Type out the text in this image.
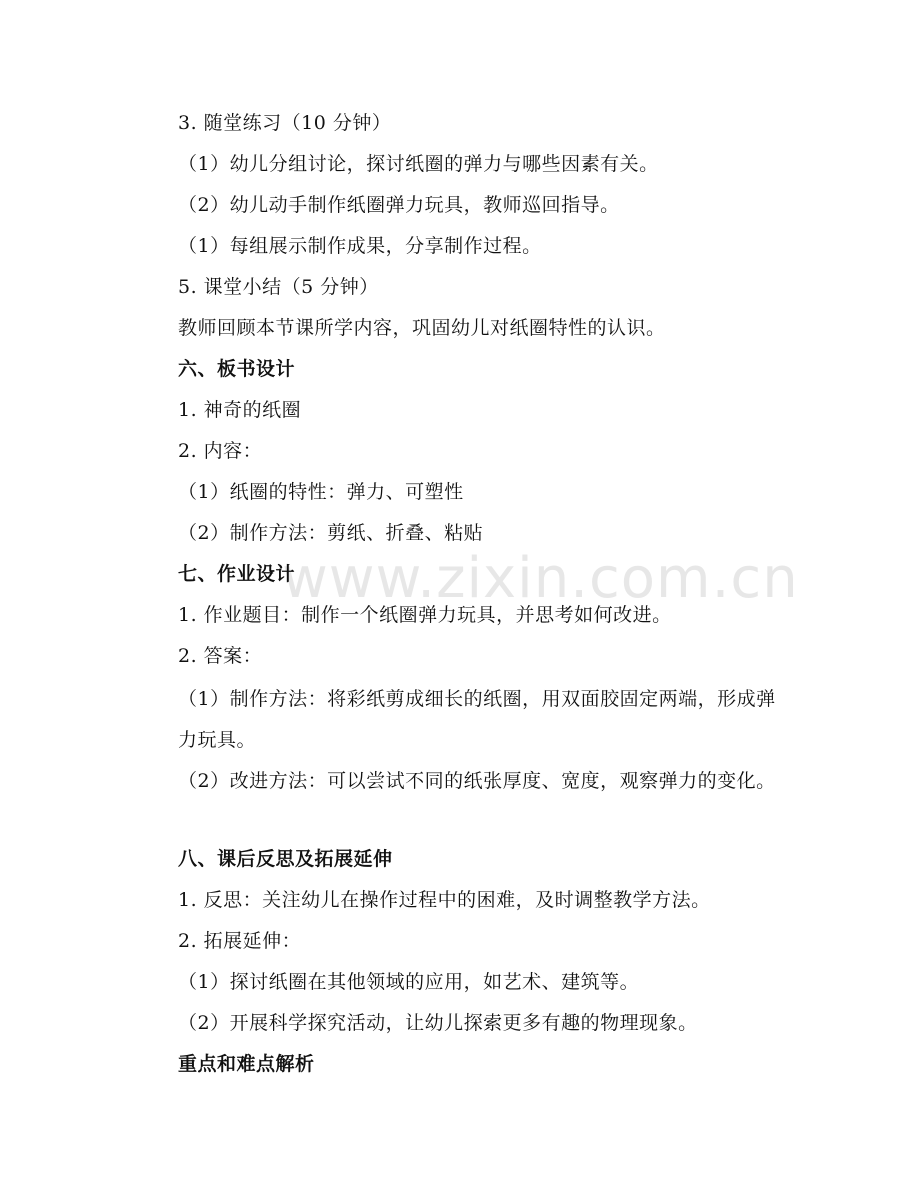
www.zixin.com.cn
3. 随堂练习（10 分钟）
（1）幼儿分组讨论，探讨纸圈的弹力与哪些因素有关。
（2）幼儿动手制作纸圈弹力玩具，教师巡回指导。
（1）每组展示制作成果，分享制作过程。
5. 课堂小结（5 分钟）
教师回顾本节课所学内容，巩固幼儿对纸圈特性的认识。
六、板书设计
1. 神奇的纸圈
2. 内容：
（1）纸圈的特性：弹力、可塑性
（2）制作方法：剪纸、折叠、粘贴
七、作业设计
1. 作业题目：制作一个纸圈弹力玩具，并思考如何改进。
2. 答案：
（1）制作方法：将彩纸剪成细长的纸圈，用双面胶固定两端，形成弹力玩具。
（2）改进方法：可以尝试不同的纸张厚度、宽度，观察弹力的变化。
八、课后反思及拓展延伸
1. 反思：关注幼儿在操作过程中的困难，及时调整教学方法。
2. 拓展延伸：
（1）探讨纸圈在其他领域的应用，如艺术、建筑等。
（2）开展科学探究活动，让幼儿探索更多有趣的物理现象。
重点和难点解析
